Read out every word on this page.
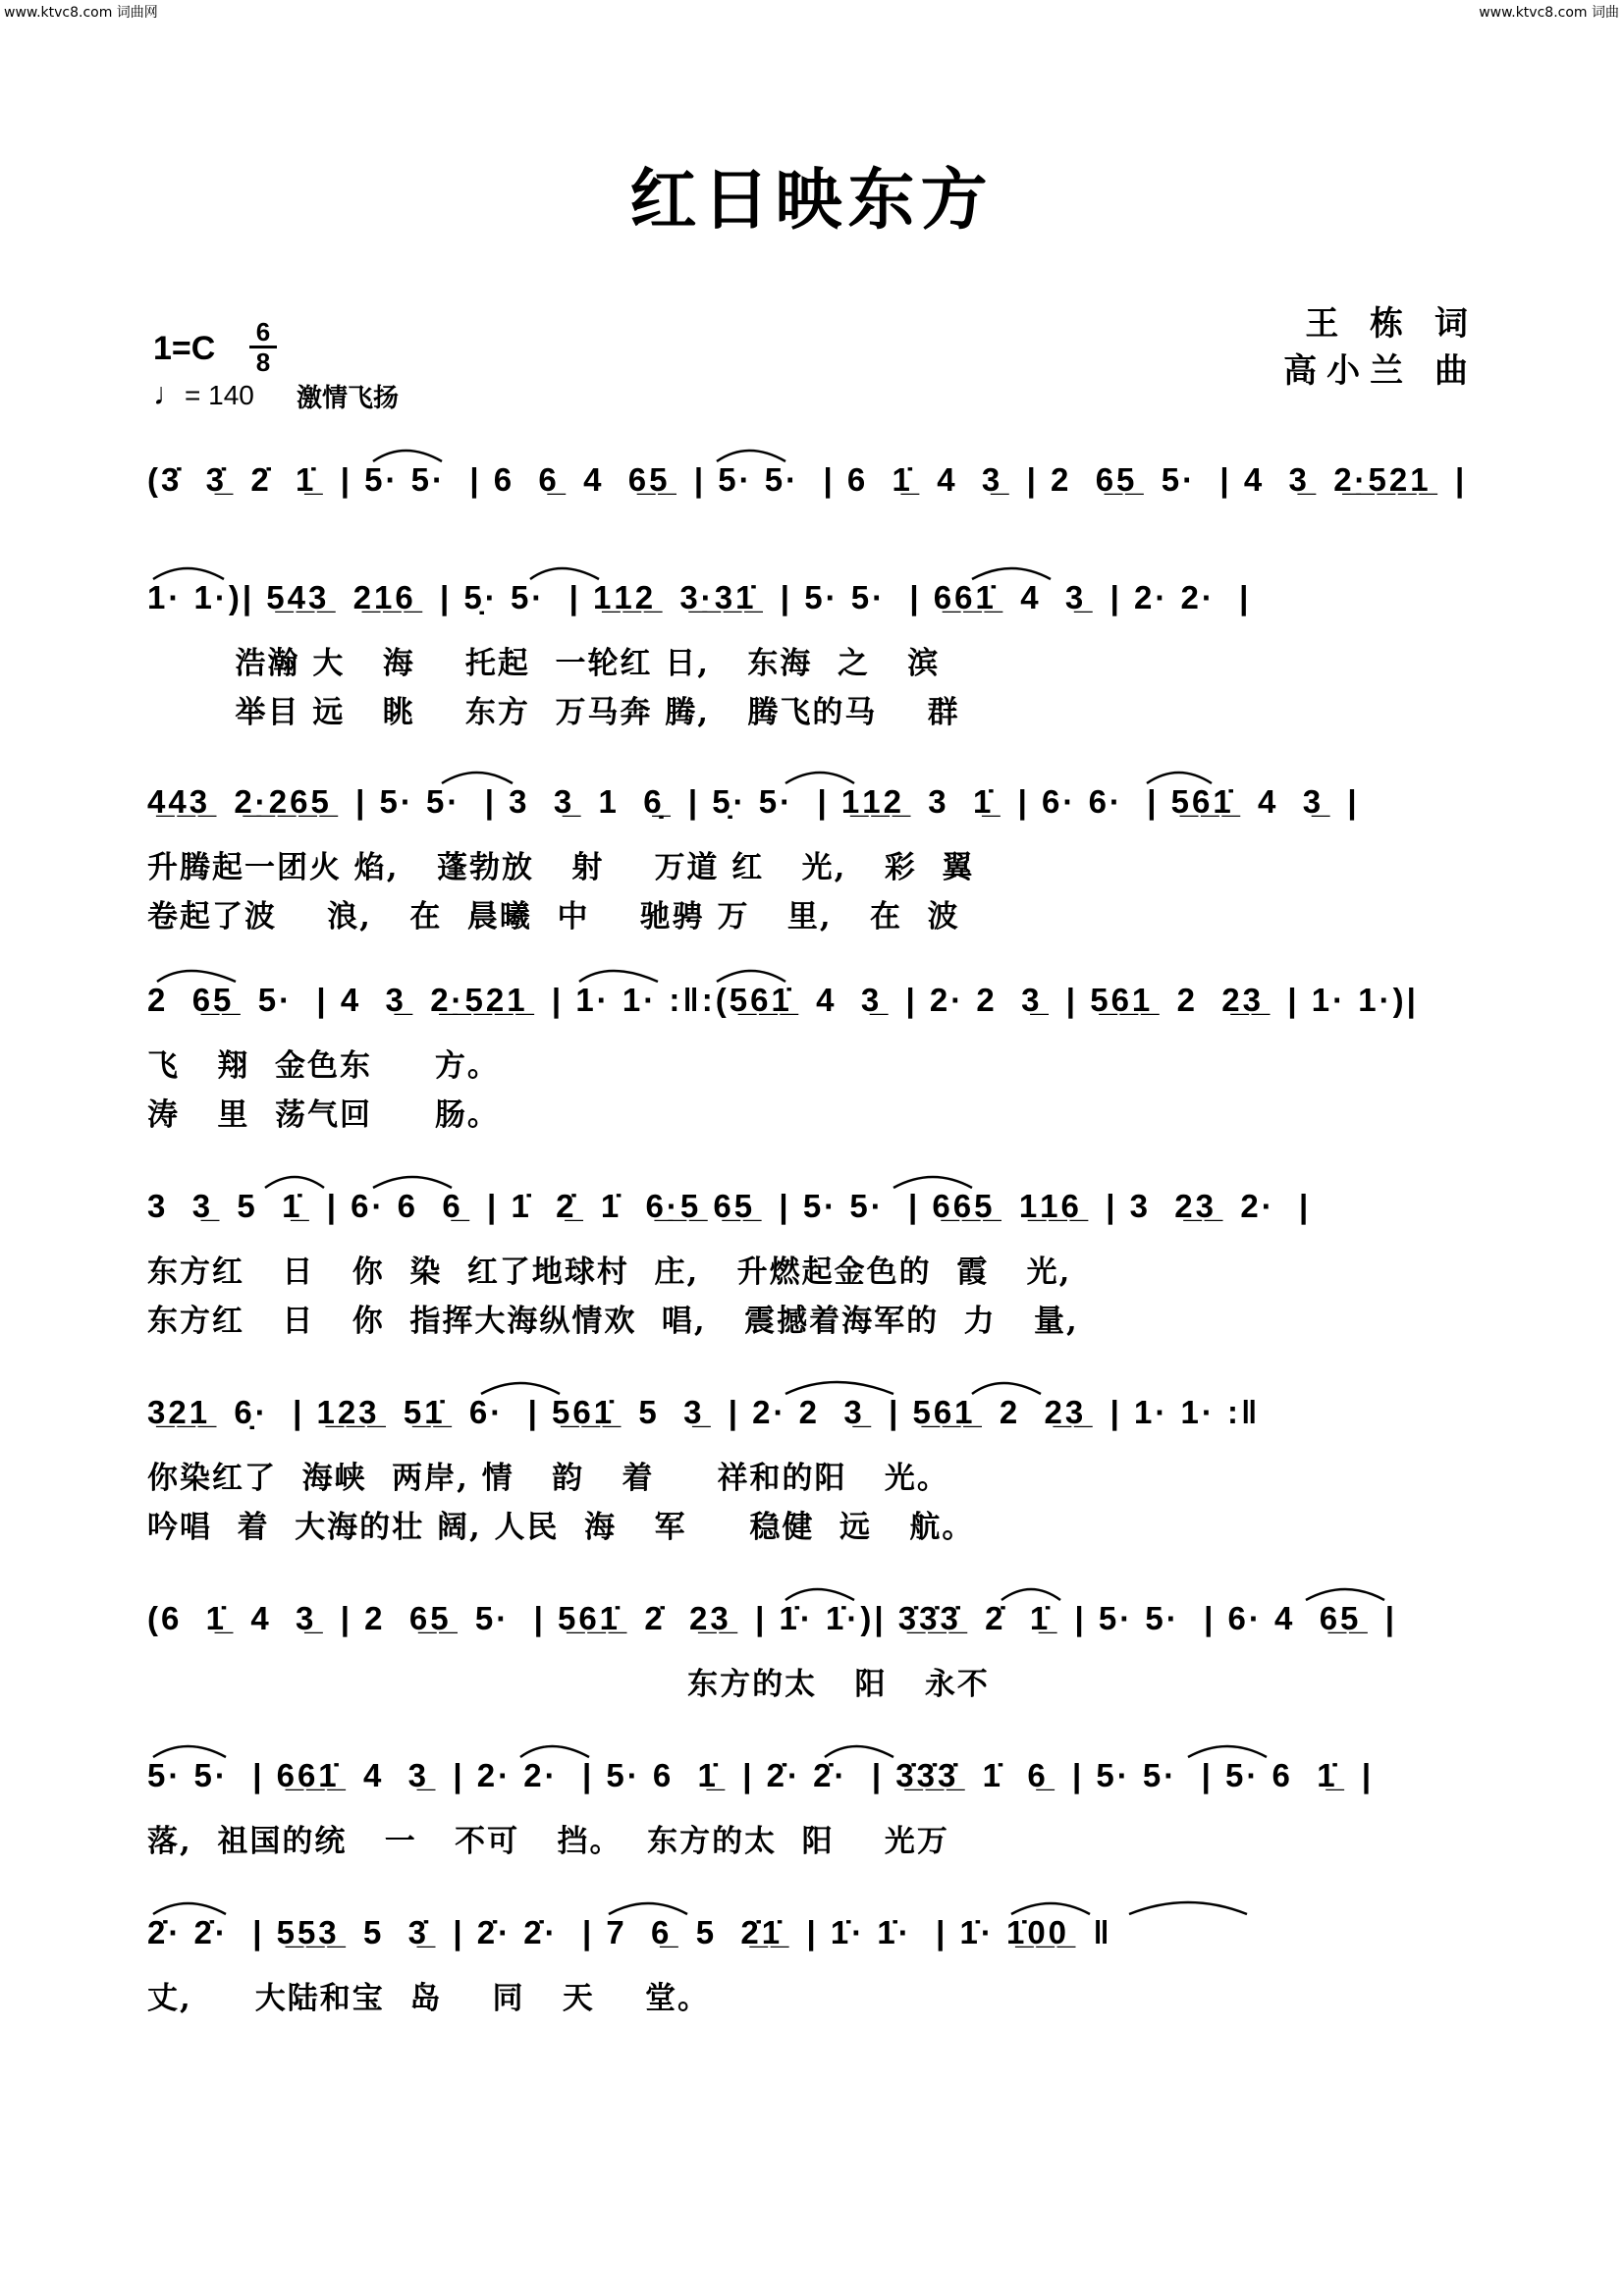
www.ktvc8.com 词曲网	www.ktvc8.com 词曲
红日映东方
王 栋 词
高小兰 曲
1=C 6
8
♩= 140 激情飞扬
(3̇  3̲̇  2̇  1̲̇  | 5· 5·  | 6  6̲  4  6̲5̲  | 5· 5·  | 6  1̲̇  4  3̲  | 2  6̲5̲  5·  | 4  3̲  2̲·̲5̲2̲1̲  |
1· 1·)| 5̲4̲3̲  2̲1̲6̲  | 5̣· 5·  | 1̲1̲2̲  3̲·̲3̲1̲̇  | 5· 5·  | 6̲6̲1̲̇  4  3̲  | 2· 2·  |
浩瀚 大   海    托起  一轮红 日,   东海  之   滨
举目 远   眺    东方  万马奔 腾,   腾飞的马    群
4̲4̲3̲  2̲·̲2̲6̲5̲  | 5· 5·  | 3  3̲  1  6̣̲  | 5̣· 5·  | 1̲1̲2̲  3  1̲̇  | 6· 6·  | 5̲6̲1̲̇  4  3̲  |
升腾起一团火 焰,   蓬勃放   射    万道 红   光,   彩  翼
卷起了波    浪,   在  晨曦  中    驰骋 万   里,   在  波
2  6̲5̲  5·  | 4  3̲  2̲·̲5̲2̲1̲  | 1· 1· :‖:(5̲6̲1̲̇  4  3̲  | 2· 2  3̲  | 5̲6̲1̲  2  2̲3̲  | 1· 1·)|
飞   翔  金色东     方。
涛   里  荡气回     肠。
3  3̲  5  1̲̇  | 6· 6  6̲  | 1̇  2̲̇  1̇  6̲·̲5̲ 6̲5̲  | 5· 5·  | 6̲6̲5̲  1̲1̲6̲  | 3  2̲3̲  2·  |
东方红   日   你  染  红了地球村  庄,   升燃起金色的  霞   光,
东方红   日   你  指挥大海纵情欢  唱,   震撼着海军的  力   量,
3̲2̲1̲  6̣·  | 1̲2̲3̲  5̲1̲̇  6·  | 5̲6̲1̲̇  5  3̲  | 2· 2  3̲  | 5̲6̲1̲  2  2̲3̲  | 1· 1· :‖
你染红了  海峡  两岸, 情   韵   着     祥和的阳   光。
吟唱  着  大海的壮 阔, 人民  海   军     稳健  远   航。
(6  1̲̇  4  3̲  | 2  6̲5̲  5·  | 5̲6̲1̲̇  2̇  2̲3̲  | 1̇· 1̇·)| 3̲̇3̲̇3̲̇  2̇  1̲̇  | 5· 5·  | 6· 4  6̲5̲  |
东方的太   阳   永不
5· 5·  | 6̲6̲1̲̇  4  3̲  | 2· 2·  | 5· 6  1̲̇  | 2̇· 2̇·  | 3̲̇3̲̇3̲̇  1̇  6̲  | 5· 5·  | 5· 6  1̲̇  |
落,  祖国的统   一   不可   挡。  东方的太  阳    光万
2̇· 2̇·  | 5̲5̲3̲  5  3̲̇  | 2̇· 2̇·  | 7  6̲  5  2̲̇1̲̇  | 1̇· 1̇·  | 1̇· 1̲̇0̲0̲  ‖
丈,     大陆和宝  岛    同   天    堂。
